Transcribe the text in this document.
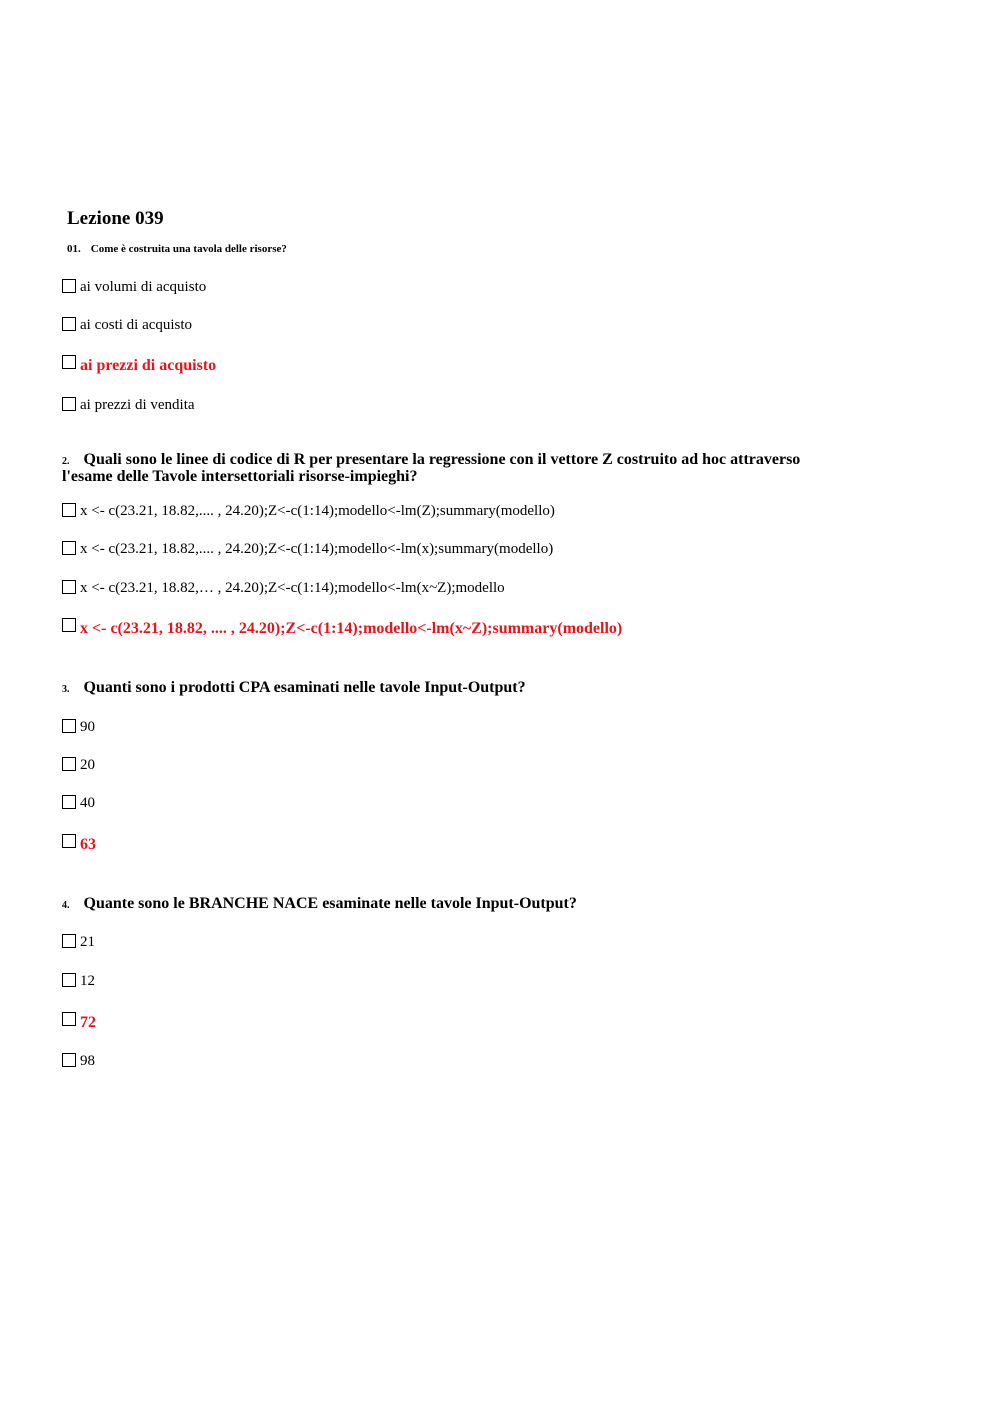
Lezione 039
01. Come è costruita una tavola delle risorse?
ai volumi di acquisto
ai costi di acquisto
ai prezzi di acquisto
ai prezzi di vendita
2. Quali sono le linee di codice di R per presentare la regressione con il vettore Z costruito ad hoc attraverso
l'esame delle Tavole intersettoriali risorse-impieghi?
x <- c(23.21, 18.82,.... , 24.20);Z<-c(1:14);modello<-lm(Z);summary(modello)
x <- c(23.21, 18.82,.... , 24.20);Z<-c(1:14);modello<-lm(x);summary(modello)
x <- c(23.21, 18.82,… , 24.20);Z<-c(1:14);modello<-lm(x~Z);modello
x <- c(23.21, 18.82, .... , 24.20);Z<-c(1:14);modello<-lm(x~Z);summary(modello)
3. Quanti sono i prodotti CPA esaminati nelle tavole Input-Output?
90
20
40
63
4. Quante sono le BRANCHE NACE esaminate nelle tavole Input-Output?
21
12
72
98
